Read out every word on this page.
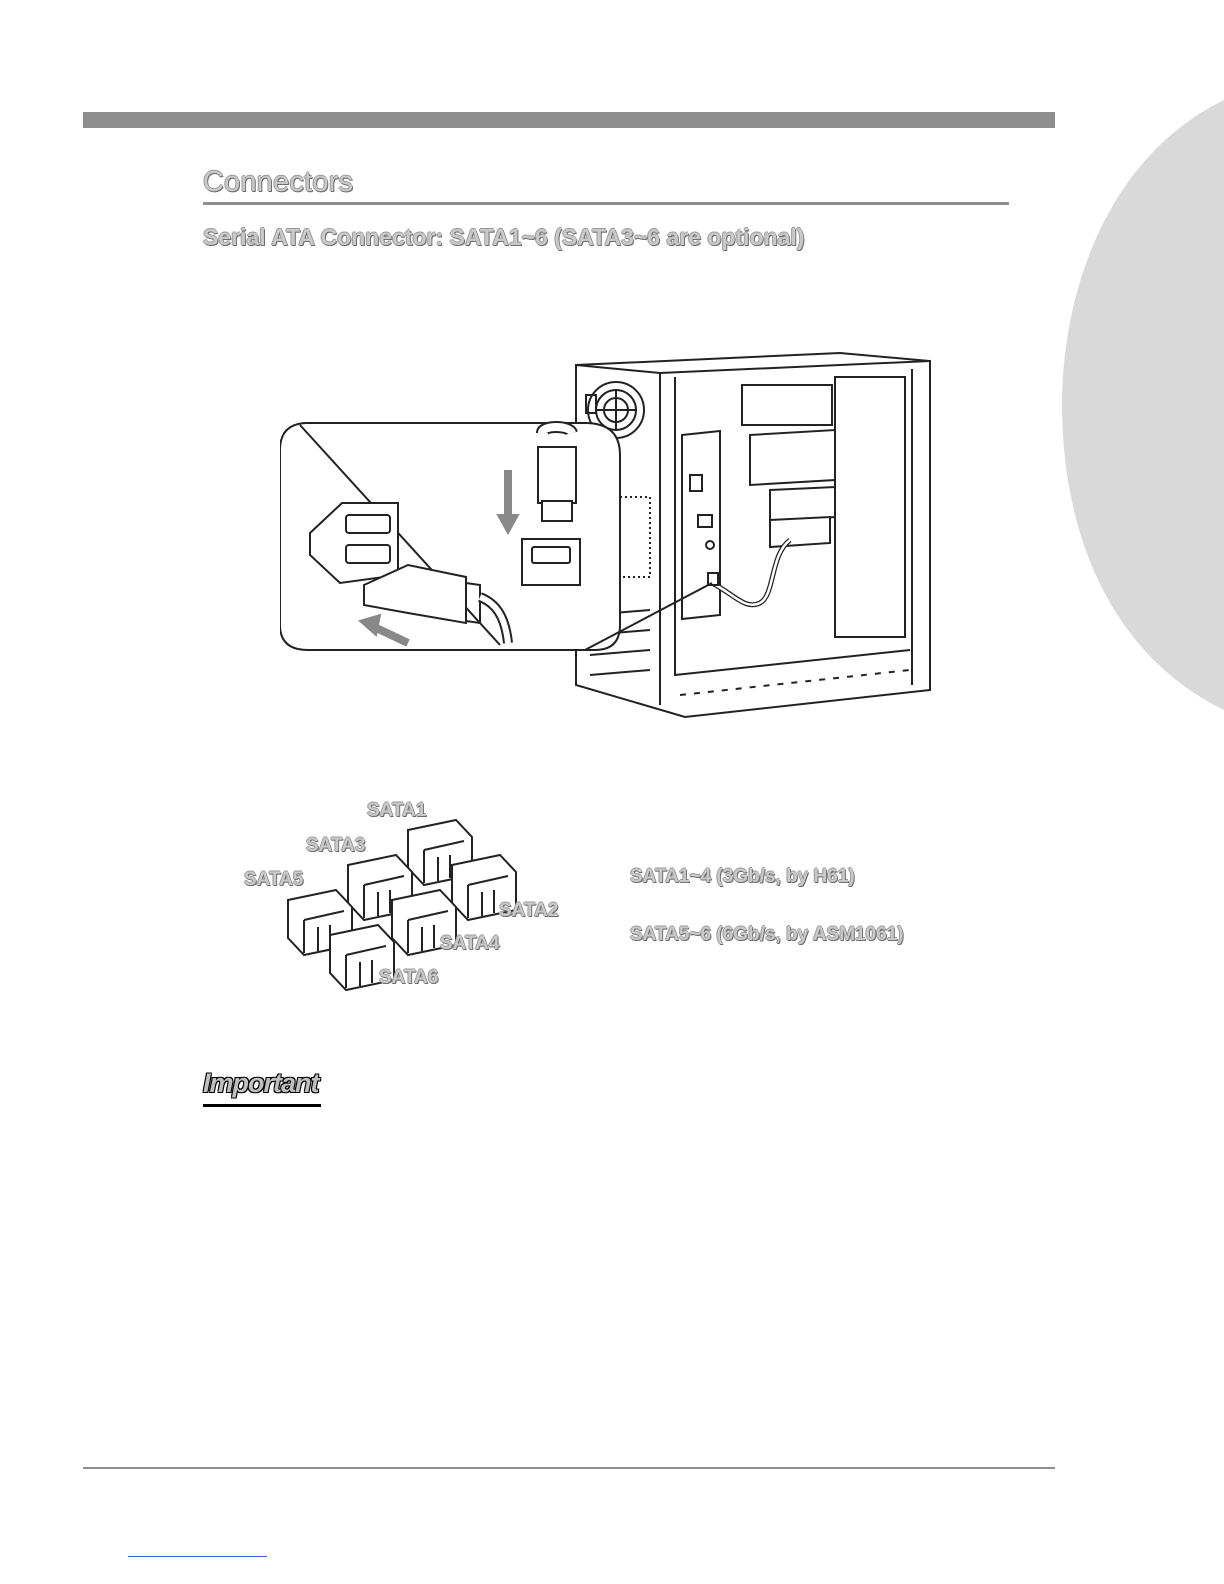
Connectors
Serial ATA Connector: SATA1~6 (SATA3~6 are optional)
SATA1
SATA3
SATA5
SATA2
SATA4
SATA6
SATA1~4 (3Gb/s, by H61)
SATA5~6 (6Gb/s, by ASM1061)
Important
